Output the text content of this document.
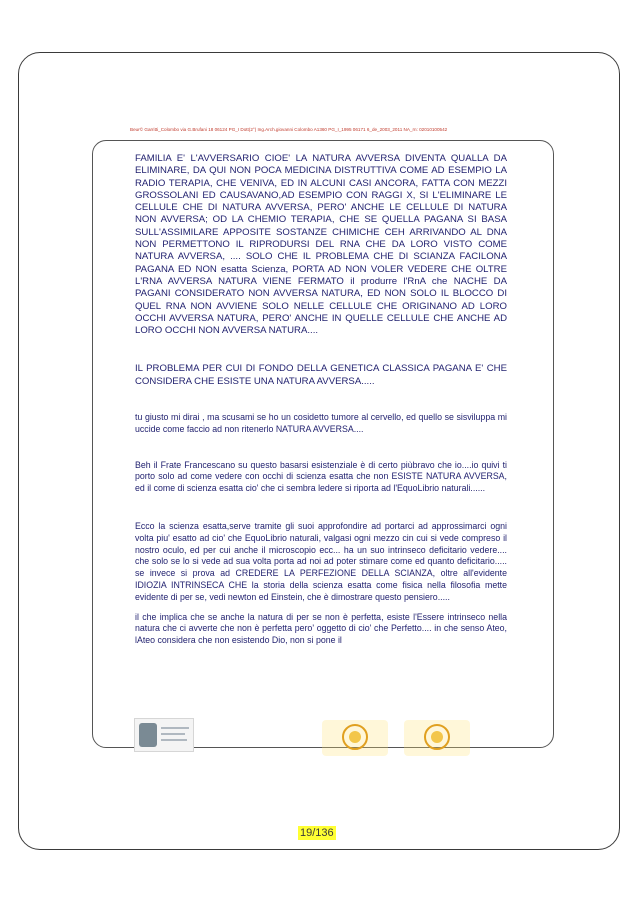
Beur© Garritti_Colombo via G.Brufani 18 06124 PG_I Dott(2°) Ing.Arch.giovanni Colombo A1360 PG_I_1995 06171 6_de_2003_2011 NA_rn: 02010100542

FAMILIA E' L'AVVERSARIO CIOE' LA NATURA AVVERSA DIVENTA QUALLA DA ELIMINARE, DA QUI NON POCA MEDICINA DISTRUTTIVA COME AD ESEMPIO LA RADIO TERAPIA, CHE VENIVA, ED IN ALCUNI CASI ANCORA, FATTA CON MEZZI GROSSOLANI ED CAUSAVANO,AD ESEMPIO CON RAGGI X, SI L'ELIMINARE LE CELLULE CHE DI NATURA AVVERSA, PERO' ANCHE LE CELLULE DI NATURA NON AVVERSA; OD LA CHEMIO TERAPIA, CHE SE QUELLA PAGANA SI BASA SULL'ASSIMILARE APPOSITE SOSTANZE CHIMICHE CEH ARRIVANDO AL DNA NON PERMETTONO IL RIPRODURSI DEL RNA CHE DA LORO VISTO COME NATURA AVVERSA, .... SOLO CHE IL PROBLEMA CHE DI SCIANZA FACILONA PAGANA ED NON esatta Scienza, PORTA AD NON VOLER VEDERE CHE OLTRE L'RNA AVVERSA NATURA VIENE FERMATO il produrre l'RnA che NACHE DA PAGANI CONSIDERATO NON AVVERSA NATURA, ED NON SOLO IL BLOCCO DI QUEL RNA NON AVVIENE SOLO NELLE CELLULE CHE ORIGINANO AD LORO OCCHI AVVERSA NATURA, PERO' ANCHE IN QUELLE CELLULE CHE ANCHE AD LORO OCCHI NON AVVERSA NATURA....

IL PROBLEMA PER CUI DI FONDO DELLA GENETICA CLASSICA PAGANA E' CHE CONSIDERA CHE ESISTE UNA NATURA AVVERSA.....

tu giusto mi dirai , ma scusami se ho un cosidetto tumore al cervello, ed quello se sisviluppa mi uccide come faccio ad non ritenerlo NATURA AVVERSA....

Beh il Frate Francescano su questo basarsi esistenziale è di certo piùbravo che io....io quivi ti porto solo ad come vedere con occhi di scienza esatta che non ESISTE NATURA AVVERSA, ed il come di scienza esatta cio' che ci sembra ledere si riporta ad l'EquoLibrio naturali......

Ecco la scienza esatta,serve tramite gli suoi approfondire ad portarci ad approssimarci ogni volta piu' esatto ad cio' che EquoLibrio naturali, valgasi ogni mezzo cin cui si vede compreso il nostro oculo, ed per cui anche il microscopio ecc... ha un suo intrinseco deficitario vedere.... che solo se lo si vede ad sua volta porta ad noi ad poter stimare come ed quanto deficitario..... se invece si prova ad CREDERE LA PERFEZIONE DELLA SCIANZA, oltre all'evidente IDIOZIA INTRINSECA CHE la storia della scienza esatta come fisica nella filosofia mette evidente di per se, vedi newton ed Einstein, che è dimostrare questo pensiero.....

il che implica che se anche la natura di per se non è perfetta, esiste l'Essere intrinseco nella natura che ci avverte che non è perfetta pero' oggetto di cio' che Perfetto.... in che senso Ateo, lAteo considera che non esistendo Dio, non si pone il

19/136
